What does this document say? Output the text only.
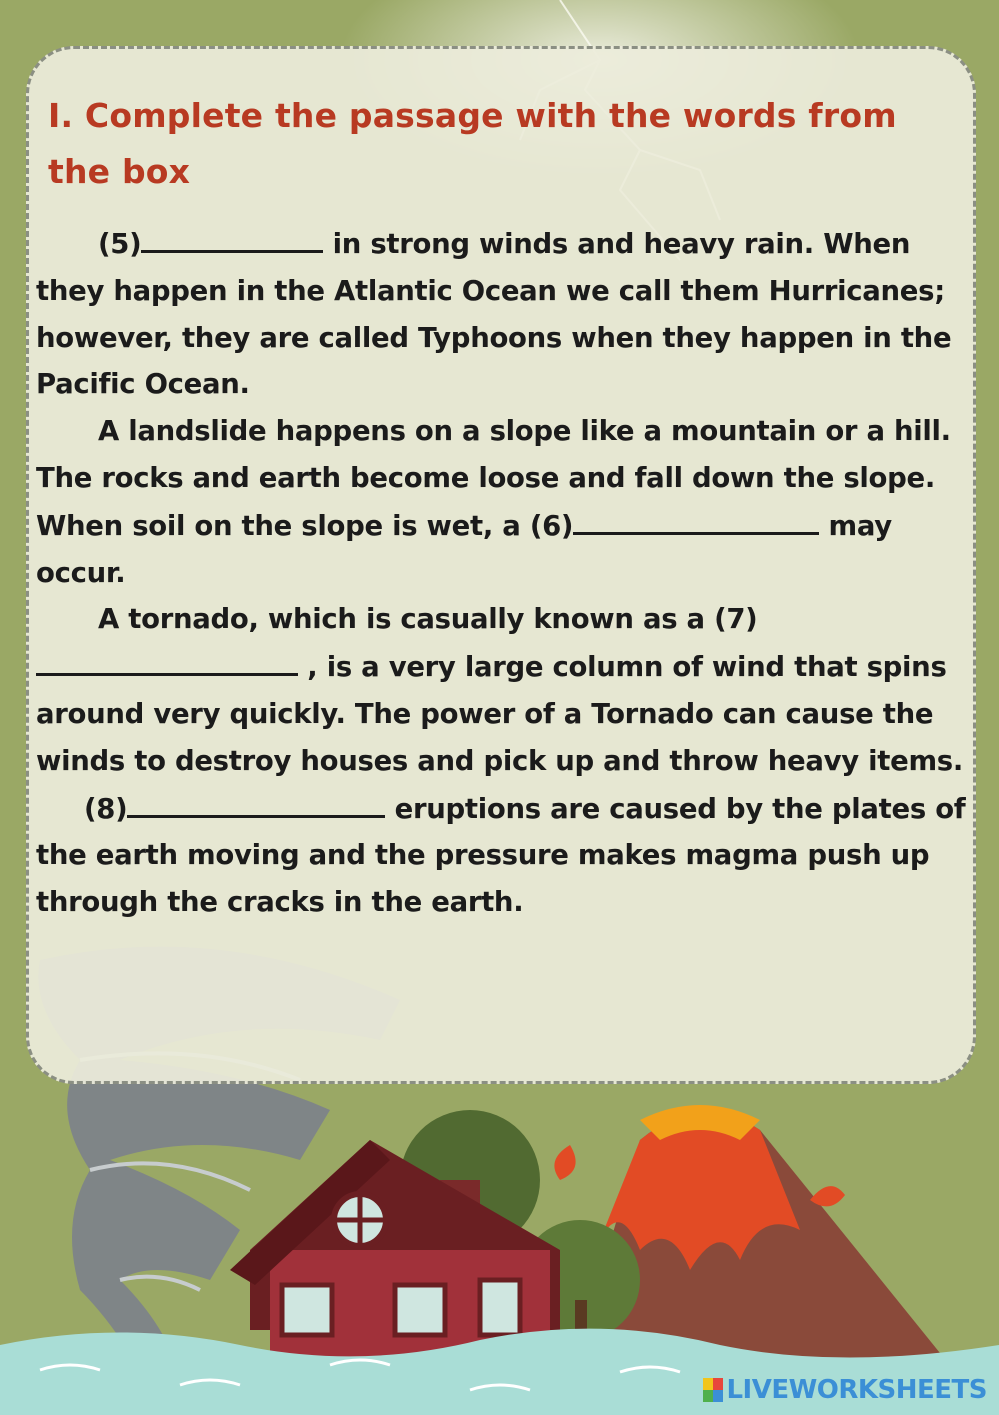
I. Complete the passage with the words from the box

(5)	in strong winds and heavy rain. When they happen in the Atlantic Ocean we call them Hurricanes; however, they are called Typhoons when they happen in the Pacific Ocean.

A landslide happens on a slope like a mountain or a hill. The rocks and earth become loose and fall down the slope. When soil on the slope is wet, a (6)	may occur.

A tornado, which is casually known as a (7)
, is a very large column of wind that spins around very quickly. The power of a Tornado can cause the winds to destroy houses and pick up and throw heavy items.

(8)	eruptions are caused by the plates of the earth moving and the pressure makes magma push up through the cracks in the earth.

LIVEWORKSHEETS
